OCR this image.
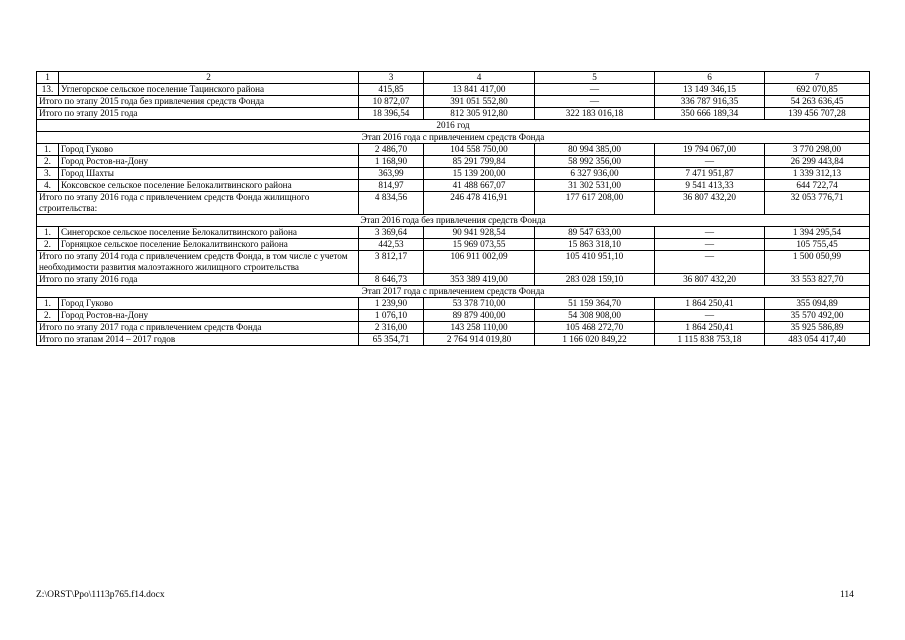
1	2	3	4	5	6	7
13.	Углегорское сельское поселение Тацинского района	415,85	13 841 417,00	—	13 149 346,15	692 070,85
Итого по этапу 2015 года без привлечения средств Фонда		10 872,07	391 051 552,80	—	336 787 916,35	54 263 636,45
Итого по этапу 2015 года		18 396,54	812 305 912,80	322 183 016,18	350 666 189,34	139 456 707,28
2016 год						
Этап 2016 года с привлечением средств Фонда						
1.	Город Гуково	2 486,70	104 558 750,00	80 994 385,00	19 794 067,00	3 770 298,00
2.	Город Ростов-на-Дону	1 168,90	85 291 799,84	58 992 356,00	—	26 299 443,84
3.	Город Шахты	363,99	15 139 200,00	6 327 936,00	7 471 951,87	1 339 312,13
4.	Коксовское сельское поселение Белокалитвинского района	814,97	41 488 667,07	31 302 531,00	9 541 413,33	644 722,74
Итого по этапу 2016 года с привлечением средств Фонда жилищного строительства:		4 834,56	246 478 416,91	177 617 208,00	36 807 432,20	32 053 776,71
Этап 2016 года без привлечения средств Фонда						
1.	Синегорское сельское поселение Белокалитвинского района	3 369,64	90 941 928,54	89 547 633,00	—	1 394 295,54
2.	Горняцкое сельское поселение Белокалитвинского района	442,53	15 969 073,55	15 863 318,10	—	105 755,45
Итого по этапу 2014 года с привлечением средств Фонда, в том числе с учетом необходимости развития малоэтажного жилищного строительства		3 812,17	106 911 002,09	105 410 951,10	—	1 500 050,99
Итого по этапу 2016 года		8 646,73	353 389 419,00	283 028 159,10	36 807 432,20	33 553 827,70
Этап 2017 года с привлечением средств Фонда						
1.	Город Гуково	1 239,90	53 378 710,00	51 159 364,70	1 864 250,41	355 094,89
2.	Город Ростов-на-Дону	1 076,10	89 879 400,00	54 308 908,00	—	35 570 492,00
Итого по этапу 2017 года с привлечением средств Фонда		2 316,00	143 258 110,00	105 468 272,70	1 864 250,41	35 925 586,89
Итого по этапам 2014 – 2017 годов		65 354,71	2 764 914 019,80	1 166 020 849,22	1 115 838 753,18	483 054 417,40
Z:\ORST\Ppo\1113p765.f14.docx	114
